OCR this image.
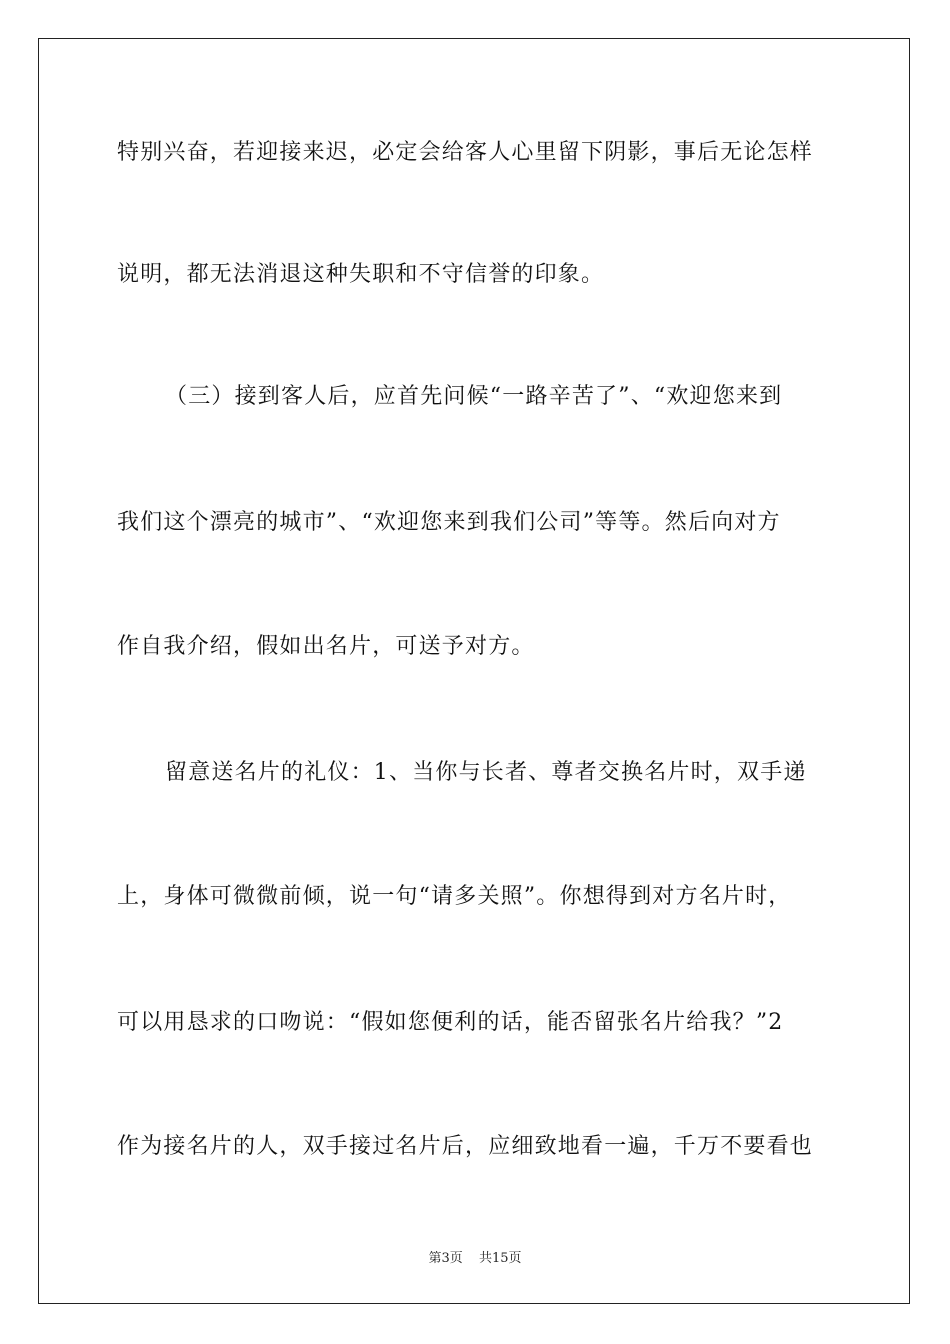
特别兴奋，若迎接来迟，必定会给客人心里留下阴影，事后无论怎样
说明，都无法消退这种失职和不守信誉的印象。
（三）接到客人后，应首先问候“一路辛苦了”、“欢迎您来到
我们这个漂亮的城市”、“欢迎您来到我们公司”等等。然后向对方
作自我介绍，假如出名片，可送予对方。
留意送名片的礼仪：1、当你与长者、尊者交换名片时，双手递
上，身体可微微前倾，说一句“请多关照”。你想得到对方名片时，
可以用恳求的口吻说：“假如您便利的话，能否留张名片给我？”2
作为接名片的人，双手接过名片后，应细致地看一遍，千万不要看也
第3页 共15页
